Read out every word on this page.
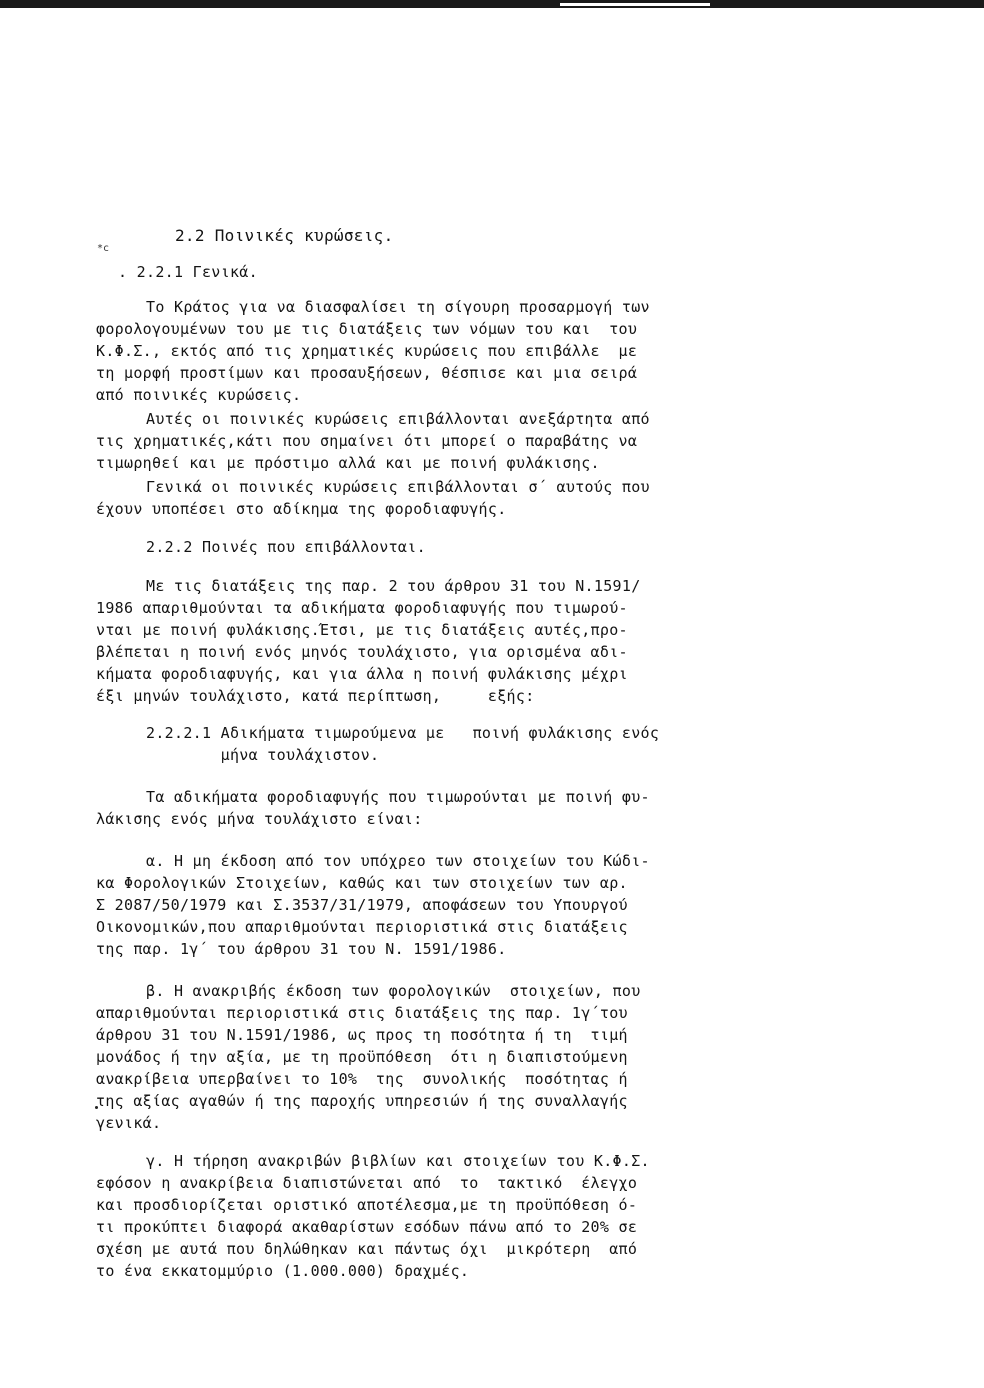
*c
2.2 Ποινικές κυρώσεις.
. 2.2.1 Γενικά.
Το Κράτος για να διασφαλίσει τη σίγουρη προσαρμογή των
φορολογουμένων του με τις διατάξεις των νόμων του και  του
Κ.Φ.Σ., εκτός από τις χρηματικές κυρώσεις που επιβάλλε  με
τη μορφή προστίμων και προσαυξήσεων, θέσπισε και μια σειρά
από ποινικές κυρώσεις.
Αυτές οι ποινικές κυρώσεις επιβάλλονται ανεξάρτητα από
τις χρηματικές,κάτι που σημαίνει ότι μπορεί ο παραβάτης να
τιμωρηθεί και με πρόστιμο αλλά και με ποινή φυλάκισης.
Γενικά οι ποινικές κυρώσεις επιβάλλονται σ΄ αυτούς που
έχουν υποπέσει στο αδίκημα της φοροδιαφυγής.
2.2.2 Ποινές που επιβάλλονται.
Με τις διατάξεις της παρ. 2 του άρθρου 31 του Ν.1591/
1986 απαριθμούνται τα αδικήματα φοροδιαφυγής που τιμωρού-
νται με ποινή φυλάκισης.Έτσι, με τις διατάξεις αυτές,προ-
βλέπεται η ποινή ενός μηνός τουλάχιστο, για ορισμένα αδι-
κήματα φοροδιαφυγής, και για άλλα η ποινή φυλάκισης μέχρι
έξι μηνών τουλάχιστο, κατά περίπτωση,     εξής:
2.2.2.1 Αδικήματα τιμωρούμενα με   ποινή φυλάκισης ενός
μήνα τουλάχιστον.
Τα αδικήματα φοροδιαφυγής που τιμωρούνται με ποινή φυ-
λάκισης ενός μήνα τουλάχιστο είναι:
α. Η μη έκδοση από τον υπόχρεο των στοιχείων του Κώδι-
κα Φορολογικών Στοιχείων, καθώς και των στοιχείων των αρ.
Σ 2087/50/1979 και Σ.3537/31/1979, αποφάσεων του Υπουργού
Οικονομικών,που απαριθμούνται περιοριστικά στις διατάξεις
της παρ. 1γ΄ του άρθρου 31 του Ν. 1591/1986.
β. Η ανακριβής έκδοση των φορολογικών  στοιχείων, που
απαριθμούνται περιοριστικά στις διατάξεις της παρ. 1γ΄του
άρθρου 31 του Ν.1591/1986, ως προς τη ποσότητα ή τη  τιμή
μονάδος ή την αξία, με τη προϋπόθεση  ότι η διαπιστούμενη
ανακρίβεια υπερβαίνει το 10%  της  συνολικής  ποσότητας ή
της αξίας αγαθών ή της παροχής υπηρεσιών ή της συναλλαγής
γενικά.
γ. Η τήρηση ανακριβών βιβλίων και στοιχείων του Κ.Φ.Σ.
εφόσον η ανακρίβεια διαπιστώνεται από  το  τακτικό  έλεγχο
και προσδιορίζεται οριστικό αποτέλεσμα,με τη προϋπόθεση ό-
τι προκύπτει διαφορά ακαθαρίστων εσόδων πάνω από το 20% σε
σχέση με αυτά που δηλώθηκαν και πάντως όχι  μικρότερη  από
το ένα εκκατομμύριο (1.000.000) δραχμές.
